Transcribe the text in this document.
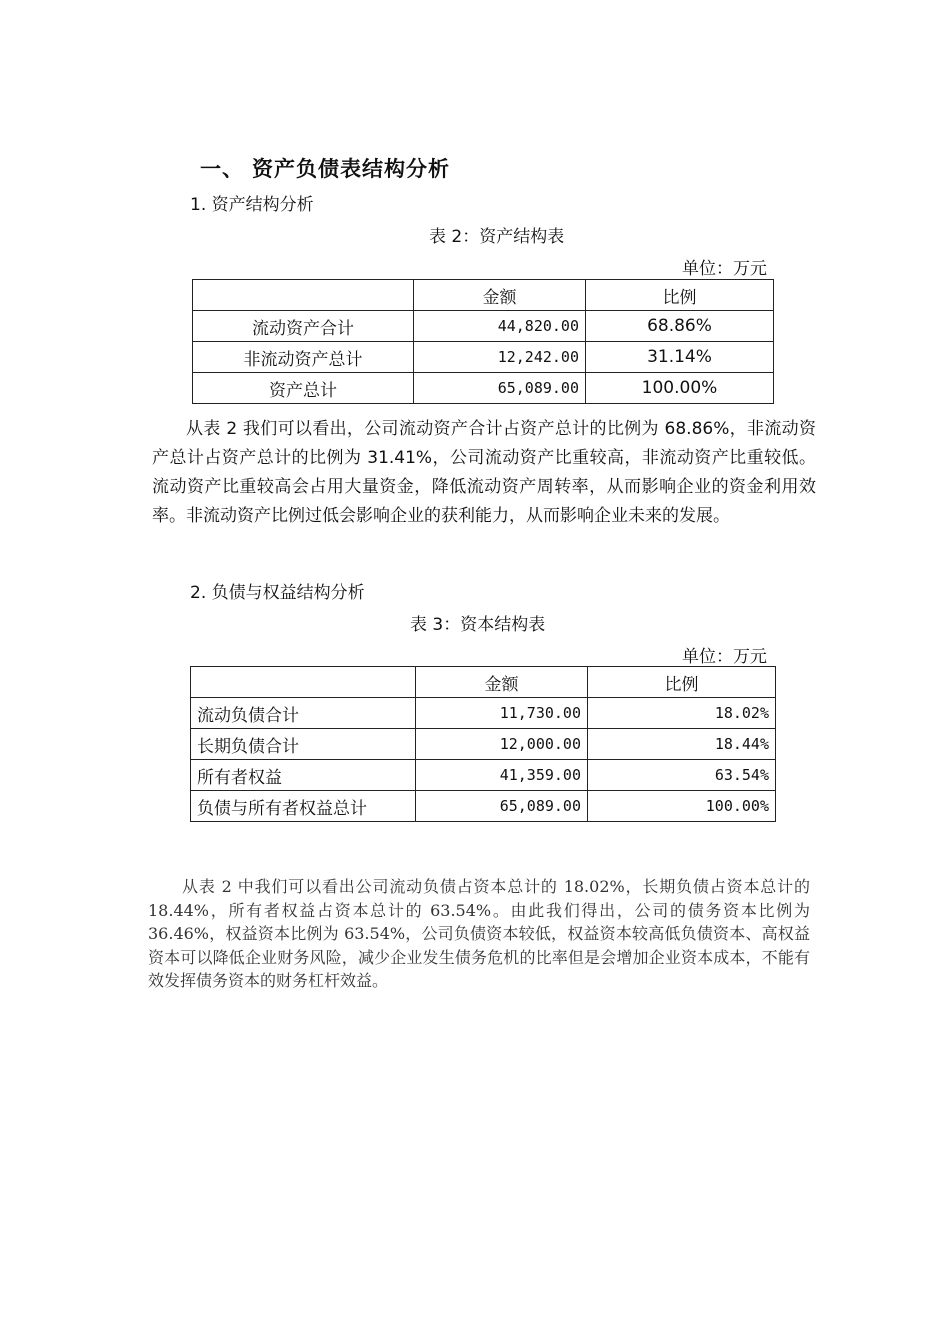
一、 资产负债表结构分析
1. 资产结构分析
表 2：资产结构表
单位：万元
	金额	比例
流动资产合计	44,820.00	68.86%
非流动资产总计	12,242.00	31.14%
资产总计	65,089.00	100.00%

从表 2 我们可以看出，公司流动资产合计占资产总计的比例为 68.86%，非流动资产总计占资产总计的比例为 31.41%，公司流动资产比重较高，非流动资产比重较低。流动资产比重较高会占用大量资金，降低流动资产周转率，从而影响企业的资金利用效率。非流动资产比例过低会影响企业的获利能力，从而影响企业未来的发展。

2. 负债与权益结构分析
表 3：资本结构表
单位：万元
	金额	比例
流动负债合计	11,730.00	18.02%
长期负债合计	12,000.00	18.44%
所有者权益	41,359.00	63.54%
负债与所有者权益总计	65,089.00	100.00%

从表 2 中我们可以看出公司流动负债占资本总计的 18.02%，长期负债占资本总计的 18.44%，所有者权益占资本总计的 63.54%。由此我们得出，公司的债务资本比例为 36.46%，权益资本比例为 63.54%，公司负债资本较低，权益资本较高低负债资本、高权益资本可以降低企业财务风险，减少企业发生债务危机的比率但是会增加企业资本成本，不能有效发挥债务资本的财务杠杆效益。
